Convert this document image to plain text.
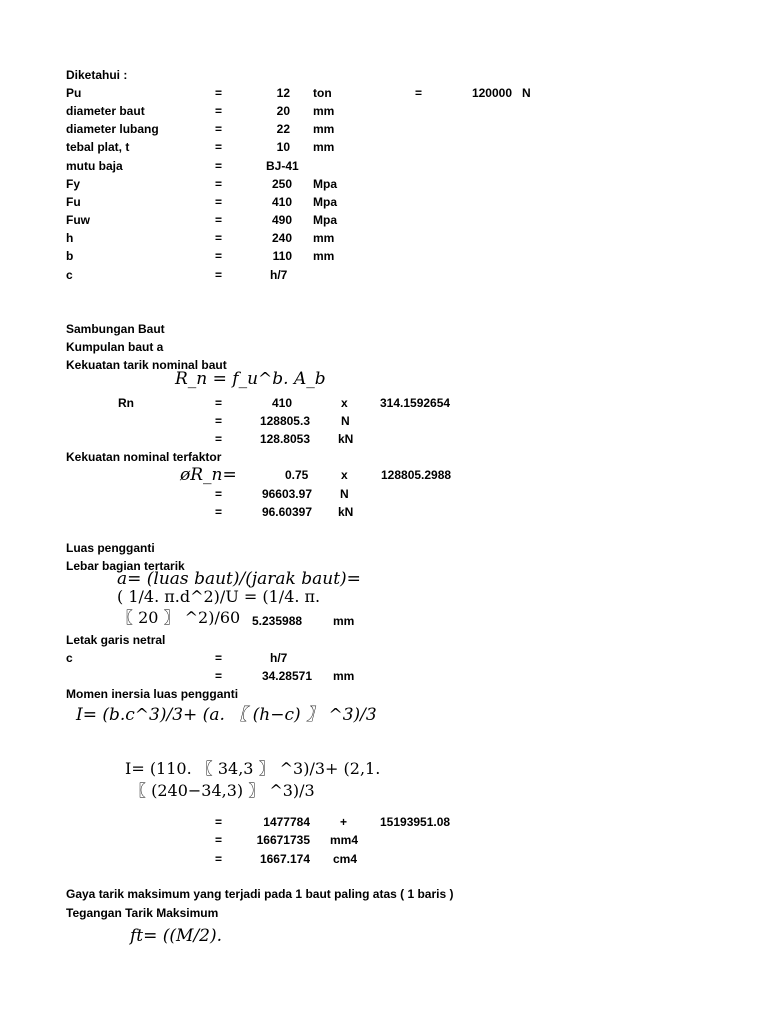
Diketahui :
Pu	=	12 ton	=	120000 N
diameter baut	=	20 mm
diameter lubang	=	22 mm
tebal plat, t	=	10 mm
mutu baja	=	BJ-41
Fy	=	250 Mpa
Fu	=	410 Mpa
Fuw	=	490 Mpa
h	=	240 mm
b	=	110 mm
c	=	h/7
Sambungan Baut
Kumpulan baut a
Kekuatan tarik nominal baut
R_n = f_u^b. A_b
Rn	=	410	x	314.1592654
=	128805.3	N
=	128.8053 kN
Kekuatan nominal terfaktor
øR_n=	0.75	x	128805.2988
=	96603.97 N
=	96.60397 kN
Luas pengganti
Lebar bagian tertarik
a= (luas baut)/(jarak baut)=
( 1/4. π.d^2)/U = (1/4. π.
〖 20 〗 ^2)/60 5.235988	mm
Letak garis netral
c	=	h/7
=	34.28571 mm
Momen inersia luas pengganti
I= (b.c^3)/3+ (a. 〖 (h−c) 〗 ^3)/3
I= (110. 〖 34,3 〗 ^3)/3+ (2,1.
〖 (240−34,3) 〗 ^3)/3
=	1477784	+	15193951.08
=	16671735 mm4
=	1667.174 cm4
Gaya tarik maksimum yang terjadi pada 1 baut paling atas ( 1 baris )
Tegangan Tarik Maksimum
ft= ((M/2).
